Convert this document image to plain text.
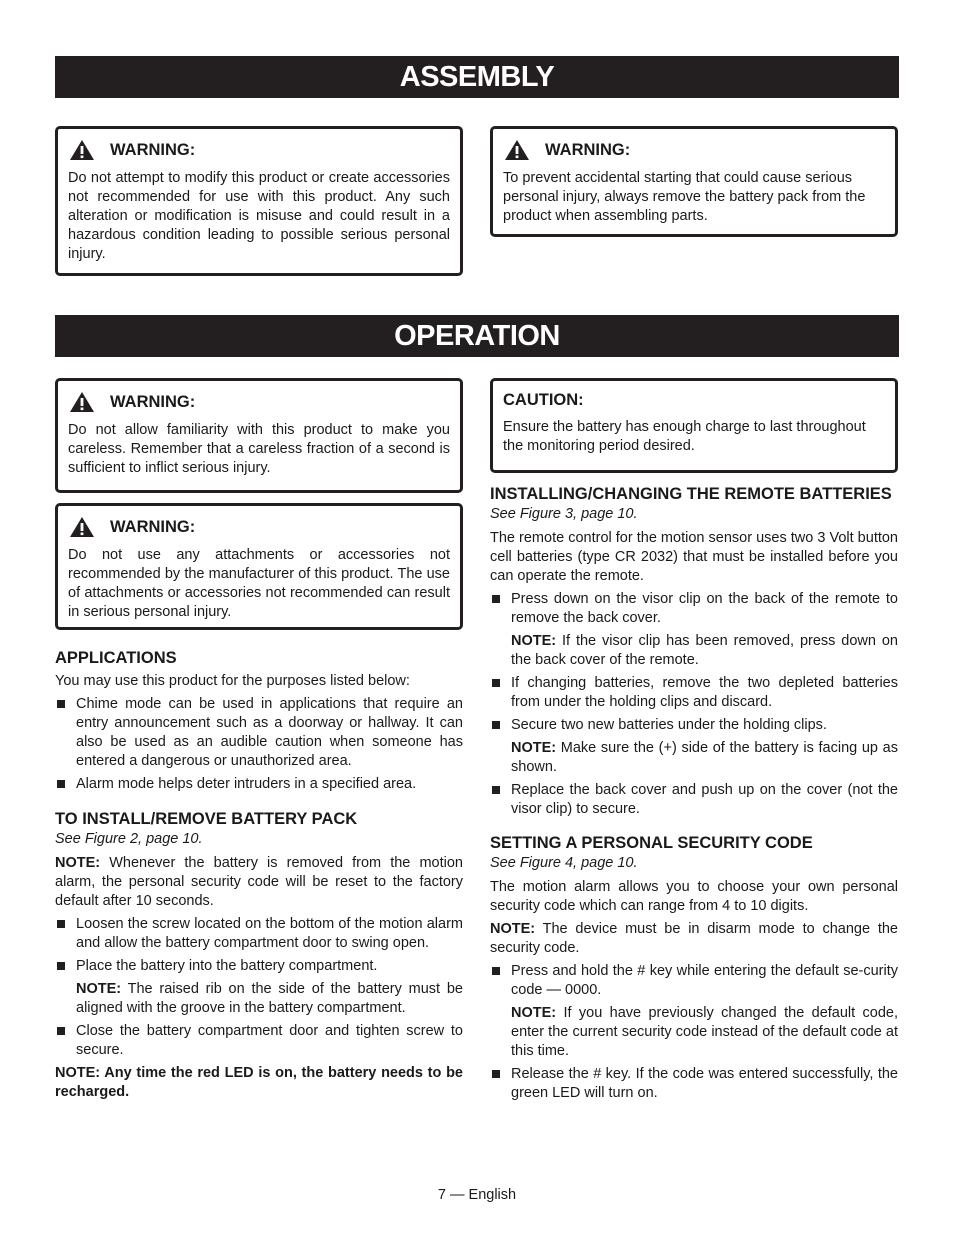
ASSEMBLY
WARNING:

Do not attempt to modify this product or create accessories not recommended for use with this product. Any such alteration or modification is misuse and could result in a hazardous condition leading to possible serious personal injury.

WARNING:

To prevent accidental starting that could cause serious personal injury, always remove the battery pack from the product when assembling parts.

OPERATION
WARNING:

Do not allow familiarity with this product to make you careless. Remember that a careless fraction of a second is sufficient to inflict serious injury.

WARNING:

Do not use any attachments or accessories not recommended by the manufacturer of this product. The use of attachments or accessories not recommended can result in serious personal injury.

CAUTION:

Ensure the battery has enough charge to last throughout the monitoring period desired.

APPLICATIONS

You may use this product for the purposes listed below:

Chime mode can be used in applications that require an entry announcement such as a doorway or hallway. It can also be used as an audible caution when someone has entered a dangerous or unauthorized area.
Alarm mode helps deter intruders in a specified area.
TO INSTALL/REMOVE BATTERY PACK

See Figure 2, page 10.

NOTE: Whenever the battery is removed from the motion alarm, the personal security code will be reset to the factory default after 10 seconds.

Loosen the screw located on the bottom of the motion alarm and allow the battery compartment door to swing open.
Place the battery into the battery compartment.

NOTE: The raised rib on the side of the battery must be aligned with the groove in the battery compartment.

Close the battery compartment door and tighten screw to secure.

NOTE: Any time the red LED is on, the battery needs to be recharged.

INSTALLING/CHANGING THE REMOTE BATTERIES

See Figure 3, page 10.

The remote control for the motion sensor uses two 3 Volt button cell batteries (type CR 2032) that must be installed before you can operate the remote.

Press down on the visor clip on the back of the remote to remove the back cover.

NOTE: If the visor clip has been removed, press down on the back cover of the remote.

If changing batteries, remove the two depleted batteries from under the holding clips and discard.
Secure two new batteries under the holding clips.

NOTE: Make sure the (+) side of the battery is facing up as shown.

Replace the back cover and push up on the cover (not the visor clip) to secure.
SETTING A PERSONAL SECURITY CODE

See Figure 4, page 10.

The motion alarm allows you to choose your own personal security code which can range from 4 to 10 digits.

NOTE: The device must be in disarm mode to change the security code.

Press and hold the # key while entering the default se-curity code — 0000.

NOTE: If you have previously changed the default code, enter the current security code instead of the default code at this time.

Release the # key. If the code was entered successfully, the green LED will turn on.
7 — English
